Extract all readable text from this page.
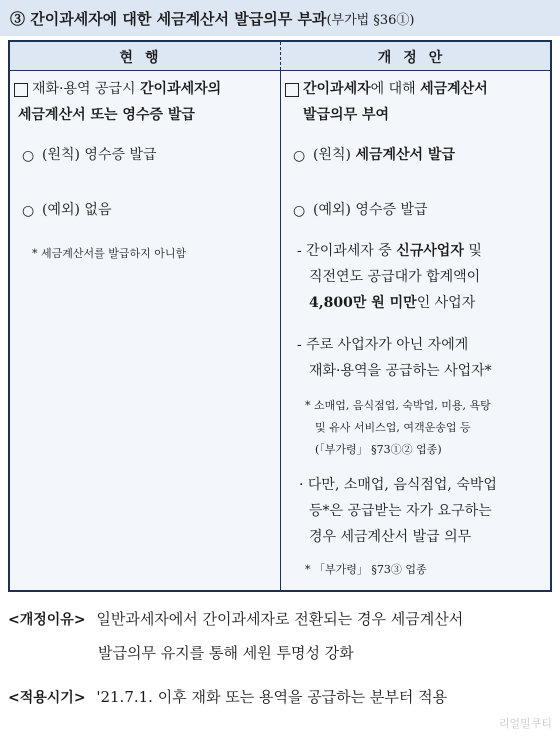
③ 간이과세자에 대한 세금계산서 발급의무 부과(부가법 §36①)
현행	개정안
재화·용역 공급시 간이과세자의
세금계산서 또는 영수증 발급
○ (원칙) 영수증 발급
○ (예외) 없음
* 세금계산서를 발급하지 아니함
간이과세자에 대해 세금계산서
발급의무 부여
○ (원칙) 세금계산서 발급
○ (예외) 영수증 발급
- 간이과세자 중 신규사업자 및
직전연도 공급대가 합계액이
4,800만 원 미만인 사업자
- 주로 사업자가 아닌 자에게
재화·용역을 공급하는 사업자*
* 소매업, 음식점업, 숙박업, 미용, 욕탕
및 유사 서비스업, 여객운송업 등
(「부가령」 §73①② 업종)
· 다만, 소매업, 음식점업, 숙박업
등*은 공급받는 자가 요구하는
경우 세금계산서 발급 의무
* 「부가령」 §73③ 업종
<개정이유> 일반과세자에서 간이과세자로 전환되는 경우 세금계산서
발급의무 유지를 통해 세원 투명성 강화
<적용시기> '21.7.1. 이후 재화 또는 용역을 공급하는 분부터 적용
리얼밀쿠티
